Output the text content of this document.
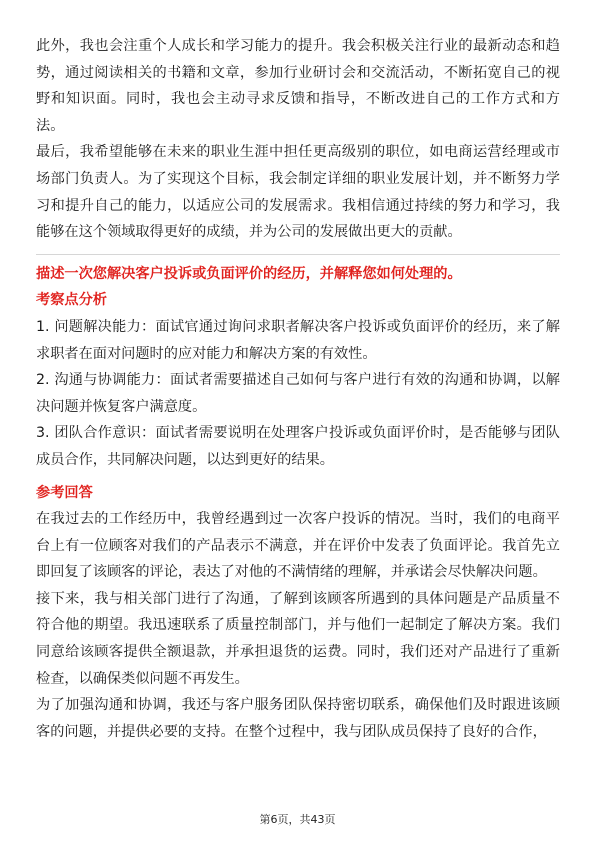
此外，我也会注重个人成长和学习能力的提升。我会积极关注行业的最新动态和趋势，通过阅读相关的书籍和文章，参加行业研讨会和交流活动，不断拓宽自己的视野和知识面。同时，我也会主动寻求反馈和指导，不断改进自己的工作方式和方法。

最后，我希望能够在未来的职业生涯中担任更高级别的职位，如电商运营经理或市场部门负责人。为了实现这个目标，我会制定详细的职业发展计划，并不断努力学习和提升自己的能力，以适应公司的发展需求。我相信通过持续的努力和学习，我能够在这个领域取得更好的成绩，并为公司的发展做出更大的贡献。

描述一次您解决客户投诉或负面评价的经历，并解释您如何处理的。

考察点分析

1. 问题解决能力：面试官通过询问求职者解决客户投诉或负面评价的经历，来了解求职者在面对问题时的应对能力和解决方案的有效性。

2. 沟通与协调能力：面试者需要描述自己如何与客户进行有效的沟通和协调，以解决问题并恢复客户满意度。

3. 团队合作意识：面试者需要说明在处理客户投诉或负面评价时，是否能够与团队成员合作，共同解决问题，以达到更好的结果。

参考回答

在我过去的工作经历中，我曾经遇到过一次客户投诉的情况。当时，我们的电商平台上有一位顾客对我们的产品表示不满意，并在评价中发表了负面评论。我首先立即回复了该顾客的评论，表达了对他的不满情绪的理解，并承诺会尽快解决问题。

接下来，我与相关部门进行了沟通，了解到该顾客所遇到的具体问题是产品质量不符合他的期望。我迅速联系了质量控制部门，并与他们一起制定了解决方案。我们同意给该顾客提供全额退款，并承担退货的运费。同时，我们还对产品进行了重新检查，以确保类似问题不再发生。

为了加强沟通和协调，我还与客户服务团队保持密切联系，确保他们及时跟进该顾客的问题，并提供必要的支持。在整个过程中，我与团队成员保持了良好的合作，

第6页，共43页
